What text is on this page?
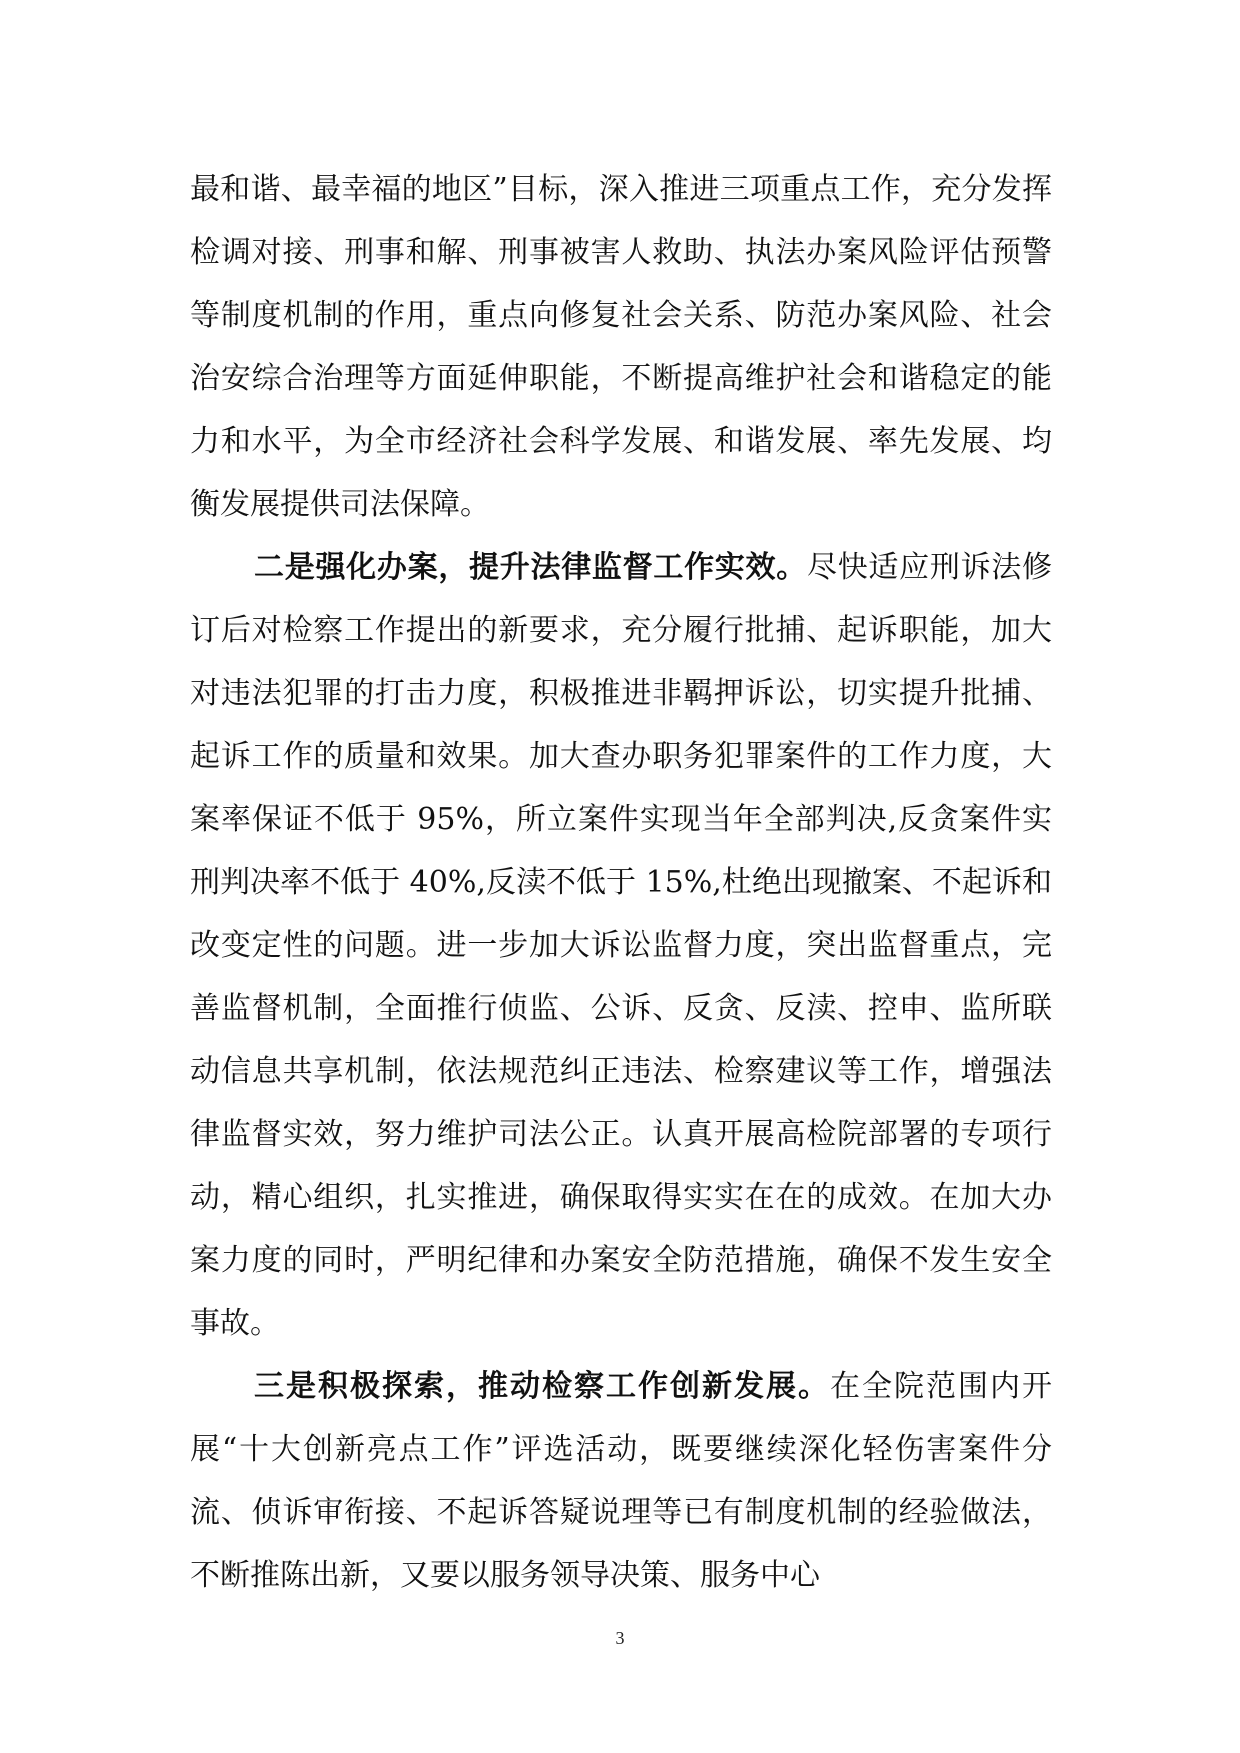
最和谐、最幸福的地区”目标，深入推进三项重点工作，充分发挥检调对接、刑事和解、刑事被害人救助、执法办案风险评估预警等制度机制的作用，重点向修复社会关系、防范办案风险、社会治安综合治理等方面延伸职能，不断提高维护社会和谐稳定的能力和水平，为全市经济社会科学发展、和谐发展、率先发展、均衡发展提供司法保障。

二是强化办案，提升法律监督工作实效。尽快适应刑诉法修订后对检察工作提出的新要求，充分履行批捕、起诉职能，加大对违法犯罪的打击力度，积极推进非羁押诉讼，切实提升批捕、起诉工作的质量和效果。加大查办职务犯罪案件的工作力度，大案率保证不低于 95%，所立案件实现当年全部判决,反贪案件实刑判决率不低于 40%,反渎不低于 15%,杜绝出现撤案、不起诉和改变定性的问题。进一步加大诉讼监督力度，突出监督重点，完善监督机制，全面推行侦监、公诉、反贪、反渎、控申、监所联动信息共享机制，依法规范纠正违法、检察建议等工作，增强法律监督实效，努力维护司法公正。认真开展高检院部署的专项行动，精心组织，扎实推进，确保取得实实在在的成效。在加大办案力度的同时，严明纪律和办案安全防范措施，确保不发生安全事故。

三是积极探索，推动检察工作创新发展。在全院范围内开展“十大创新亮点工作”评选活动，既要继续深化轻伤害案件分流、侦诉审衔接、不起诉答疑说理等已有制度机制的经验做法，不断推陈出新，又要以服务领导决策、服务中心

3
